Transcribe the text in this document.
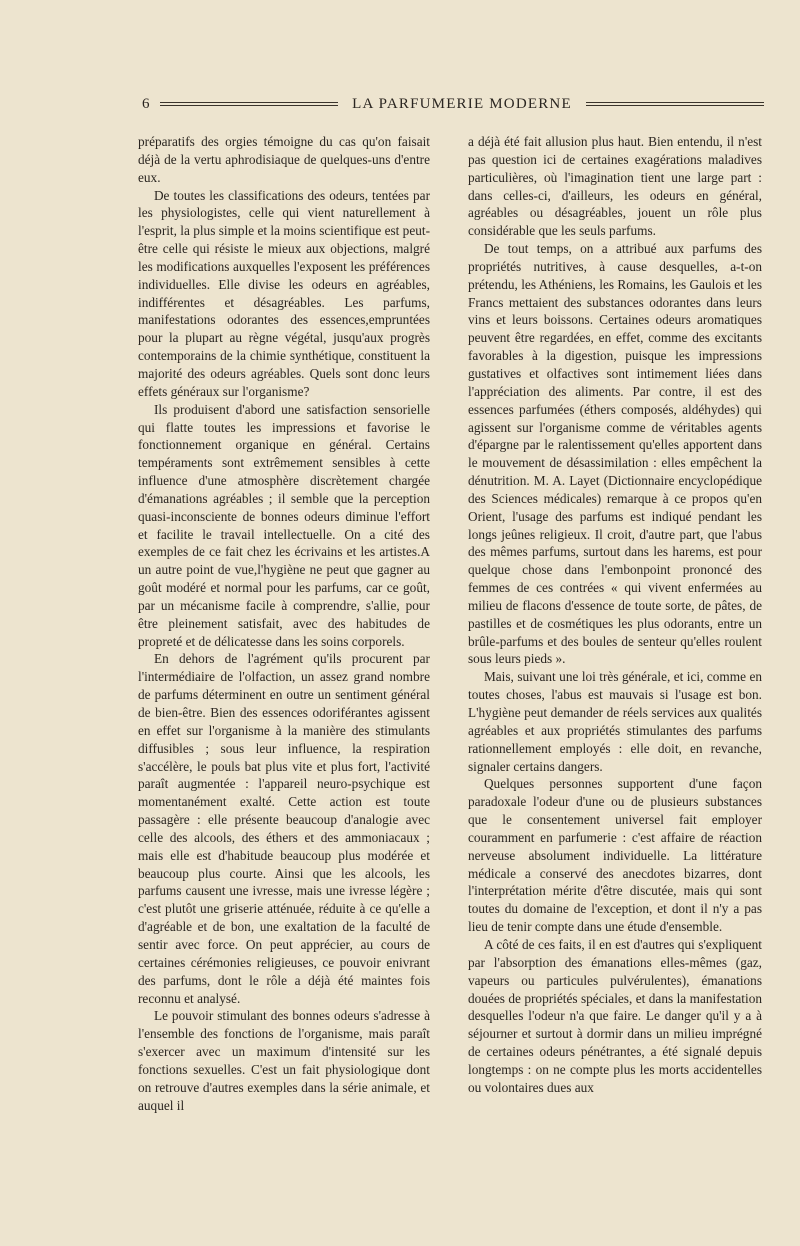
6	LA PARFUMERIE MODERNE

préparatifs des orgies témoigne du cas qu'on faisait déjà de la vertu aphrodisiaque de quelques-uns d'entre eux.

De toutes les classifications des odeurs, tentées par les physiologistes, celle qui vient naturellement à l'esprit, la plus simple et la moins scientifique est peut-être celle qui résiste le mieux aux objections, malgré les modifications auxquelles l'exposent les préférences individuelles. Elle divise les odeurs en agréables, indifférentes et désagréables. Les parfums, manifestations odorantes des essences,empruntées pour la plupart au règne végétal, jusqu'aux progrès contemporains de la chimie synthétique, constituent la majorité des odeurs agréables. Quels sont donc leurs effets généraux sur l'organisme?

Ils produisent d'abord une satisfaction sensorielle qui flatte toutes les impressions et favorise le fonctionnement organique en général. Certains tempéraments sont extrêmement sensibles à cette influence d'une atmosphère discrètement chargée d'émanations agréables ; il semble que la perception quasi-inconsciente de bonnes odeurs diminue l'effort et facilite le travail intellectuelle. On a cité des exemples de ce fait chez les écrivains et les artistes.A un autre point de vue,l'hygiène ne peut que gagner au goût modéré et normal pour les parfums, car ce goût, par un mécanisme facile à comprendre, s'allie, pour être pleinement satisfait, avec des habitudes de propreté et de délicatesse dans les soins corporels.

En dehors de l'agrément qu'ils procurent par l'intermédiaire de l'olfaction, un assez grand nombre de parfums déterminent en outre un sentiment général de bien-être. Bien des essences odoriférantes agissent en effet sur l'organisme à la manière des stimulants diffusibles ; sous leur influence, la respiration s'accélère, le pouls bat plus vite et plus fort, l'activité paraît augmentée : l'appareil neuro-psychique est momentanément exalté. Cette action est toute passagère : elle présente beaucoup d'analogie avec celle des alcools, des éthers et des ammoniacaux ; mais elle est d'habitude beaucoup plus modérée et beaucoup plus courte. Ainsi que les alcools, les parfums causent une ivresse, mais une ivresse légère ; c'est plutôt une griserie atténuée, réduite à ce qu'elle a d'agréable et de bon, une exaltation de la faculté de sentir avec force. On peut apprécier, au cours de certaines cérémonies religieuses, ce pouvoir enivrant des parfums, dont le rôle a déjà été maintes fois reconnu et analysé.

Le pouvoir stimulant des bonnes odeurs s'adresse à l'ensemble des fonctions de l'organisme, mais paraît s'exercer avec un maximum d'intensité sur les fonctions sexuelles. C'est un fait physiologique dont on retrouve d'autres exemples dans la série animale, et auquel il

a déjà été fait allusion plus haut. Bien entendu, il n'est pas question ici de certaines exagérations maladives particulières, où l'imagination tient une large part : dans celles-ci, d'ailleurs, les odeurs en général, agréables ou désagréables, jouent un rôle plus considérable que les seuls parfums.

De tout temps, on a attribué aux parfums des propriétés nutritives, à cause desquelles, a-t-on prétendu, les Athéniens, les Romains, les Gaulois et les Francs mettaient des substances odorantes dans leurs vins et leurs boissons. Certaines odeurs aromatiques peuvent être regardées, en effet, comme des excitants favorables à la digestion, puisque les impressions gustatives et olfactives sont intimement liées dans l'appréciation des aliments. Par contre, il est des essences parfumées (éthers composés, aldéhydes) qui agissent sur l'organisme comme de véritables agents d'épargne par le ralentissement qu'elles apportent dans le mouvement de désassimilation : elles empêchent la dénutrition. M. A. Layet (Dictionnaire encyclopédique des Sciences médicales) remarque à ce propos qu'en Orient, l'usage des parfums est indiqué pendant les longs jeûnes religieux. Il croit, d'autre part, que l'abus des mêmes parfums, surtout dans les harems, est pour quelque chose dans l'embonpoint prononcé des femmes de ces contrées « qui vivent enfermées au milieu de flacons d'essence de toute sorte, de pâtes, de pastilles et de cosmétiques les plus odorants, entre un brûle-parfums et des boules de senteur qu'elles roulent sous leurs pieds ».

Mais, suivant une loi très générale, et ici, comme en toutes choses, l'abus est mauvais si l'usage est bon. L'hygiène peut demander de réels services aux qualités agréables et aux propriétés stimulantes des parfums rationnellement employés : elle doit, en revanche, signaler certains dangers.

Quelques personnes supportent d'une façon paradoxale l'odeur d'une ou de plusieurs substances que le consentement universel fait employer couramment en parfumerie : c'est affaire de réaction nerveuse absolument individuelle. La littérature médicale a conservé des anecdotes bizarres, dont l'interprétation mérite d'être discutée, mais qui sont toutes du domaine de l'exception, et dont il n'y a pas lieu de tenir compte dans une étude d'ensemble.

A côté de ces faits, il en est d'autres qui s'expliquent par l'absorption des émanations elles-mêmes (gaz, vapeurs ou particules pulvérulentes), émanations douées de propriétés spéciales, et dans la manifestation desquelles l'odeur n'a que faire. Le danger qu'il y a à séjourner et surtout à dormir dans un milieu imprégné de certaines odeurs pénétrantes, a été signalé depuis longtemps : on ne compte plus les morts accidentelles ou volontaires dues aux
